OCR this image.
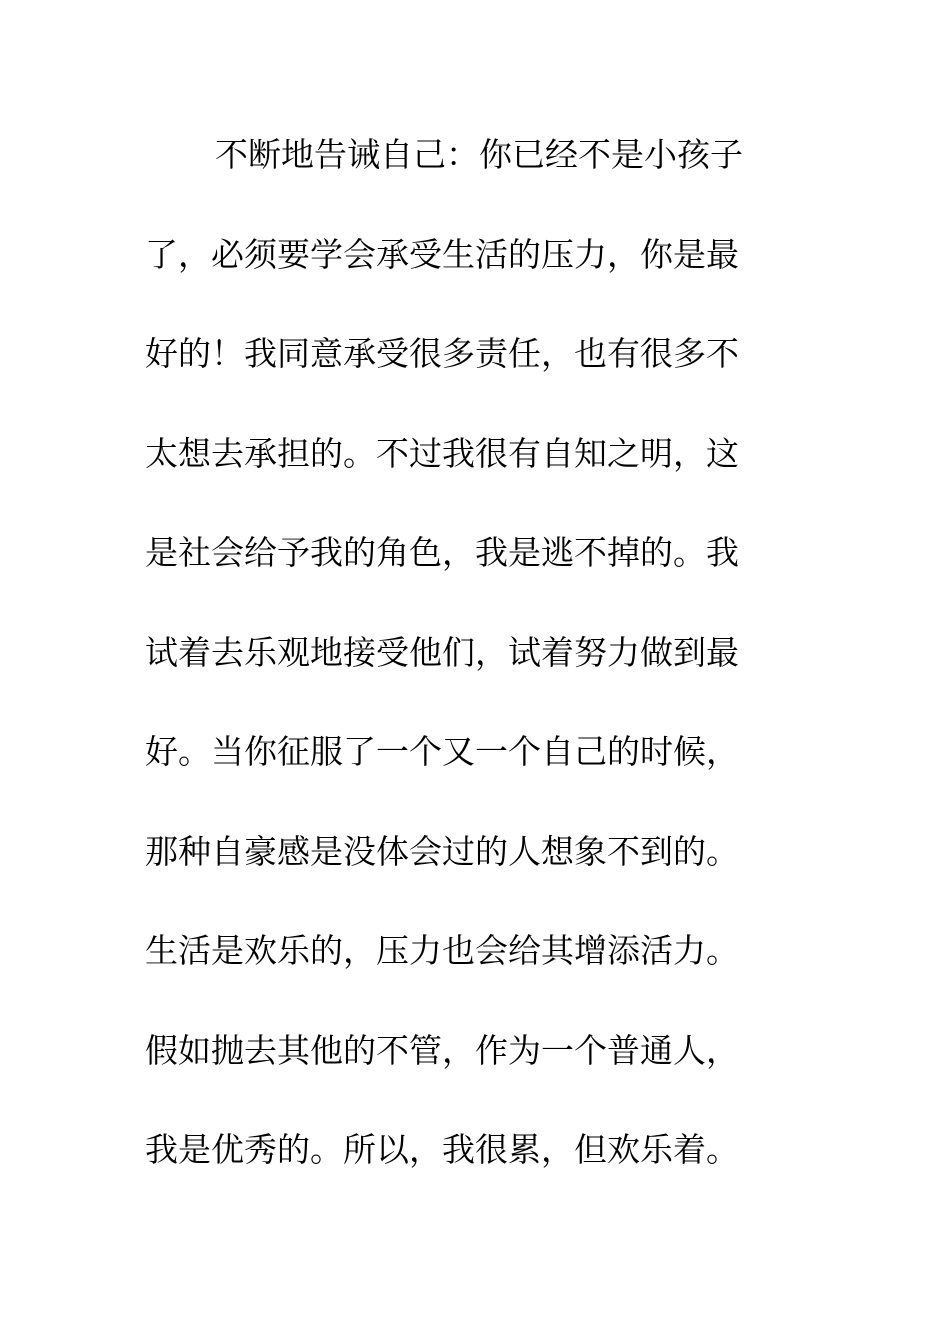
不断地告诫自己：你已经不是小孩子
了，必须要学会承受生活的压力，你是最
好的！我同意承受很多责任，也有很多不
太想去承担的。不过我很有自知之明，这
是社会给予我的角色，我是逃不掉的。我
试着去乐观地接受他们，试着努力做到最
好。当你征服了一个又一个自己的时候，
那种自豪感是没体会过的人想象不到的。
生活是欢乐的，压力也会给其增添活力。
假如抛去其他的不管，作为一个普通人，
我是优秀的。所以，我很累，但欢乐着。
